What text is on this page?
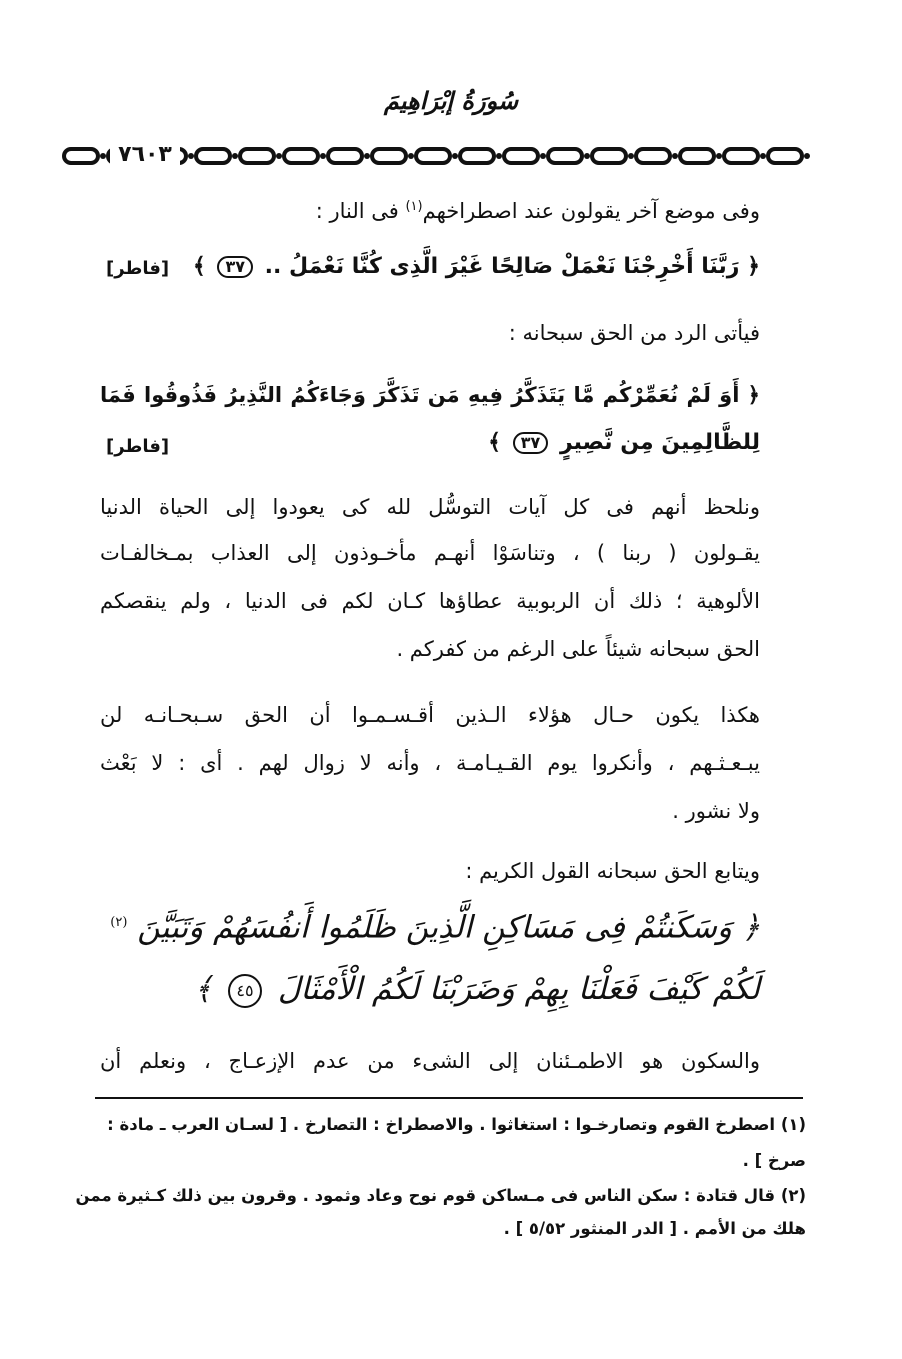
سُورَةُ إبْرَاهِيمَ
٧٦٠٣
وفى موضع آخر يقولون عند اصطراخهم$^{(١)}$ فى النار :
﴿ رَبَّنَا أَخْرِجْنَا نَعْمَلْ صَالِحًا غَيْرَ الَّذِى كُنَّا نَعْمَلُ .. ٣٧ ﴾
[فاطر]
فيأتى الرد من الحق سبحانه :
﴿ أَوَ لَمْ نُعَمِّرْكُم مَّا يَتَذَكَّرُ فِيهِ مَن تَذَكَّرَ وَجَاءَكُمُ النَّذِيرُ فَذُوقُوا فَمَا
لِلظَّالِمِينَ مِن نَّصِيرٍ ٣٧ ﴾
[فاطر]
ونلحظ أنهم فى كل آيات التوسُّل لله كى يعودوا إلى الحياة الدنيا
يقـولون ( ربنا ) ، وتناسَوْا أنهـم مأخـوذون إلى العذاب بمـخالفـات
الألوهية ؛ ذلك أن الربوبية عطاؤها كـان لكم فى الدنيا ، ولم ينقصكم
الحق سبحانه شيئاً على الرغم من كفركم .
هكذا يكون حـال هؤلاء الـذين أقـسـمـوا أن الحق سـبحـانـه لن
يبـعـثـهم ، وأنكروا يوم القـيـامـة ، وأنه لا زوال لهم . أى : لا بَعْث
ولا نشور .
ويتابع الحق سبحانه القول الكريم :
﴿ وَسَكَنتُمْ فِى مَسَاكِنِ الَّذِينَ ظَلَمُوا أَنفُسَهُمْ وَتَبَيَّنَ $^{(٢)}$
لَكُمْ كَيْفَ فَعَلْنَا بِهِمْ وَضَرَبْنَا لَكُمُ الْأَمْثَالَ ٤٥ ﴾
والسكون هو الاطمـئنان إلى الشىء من عدم الإزعـاج ، ونعلم أن
(١) اصطرخ القوم وتصارخـوا : استغاثوا . والاصطراخ : التصارخ . [ لسـان العرب ـ مادة :
صرخ ] .
(٢) قال قتادة : سكن الناس فى مـساكن قوم نوح وعاد وثمود . وقرون بين ذلك كـثيرة ممن
هلك من الأمم . [ الدر المنثور ٥/٥٢ ] .
